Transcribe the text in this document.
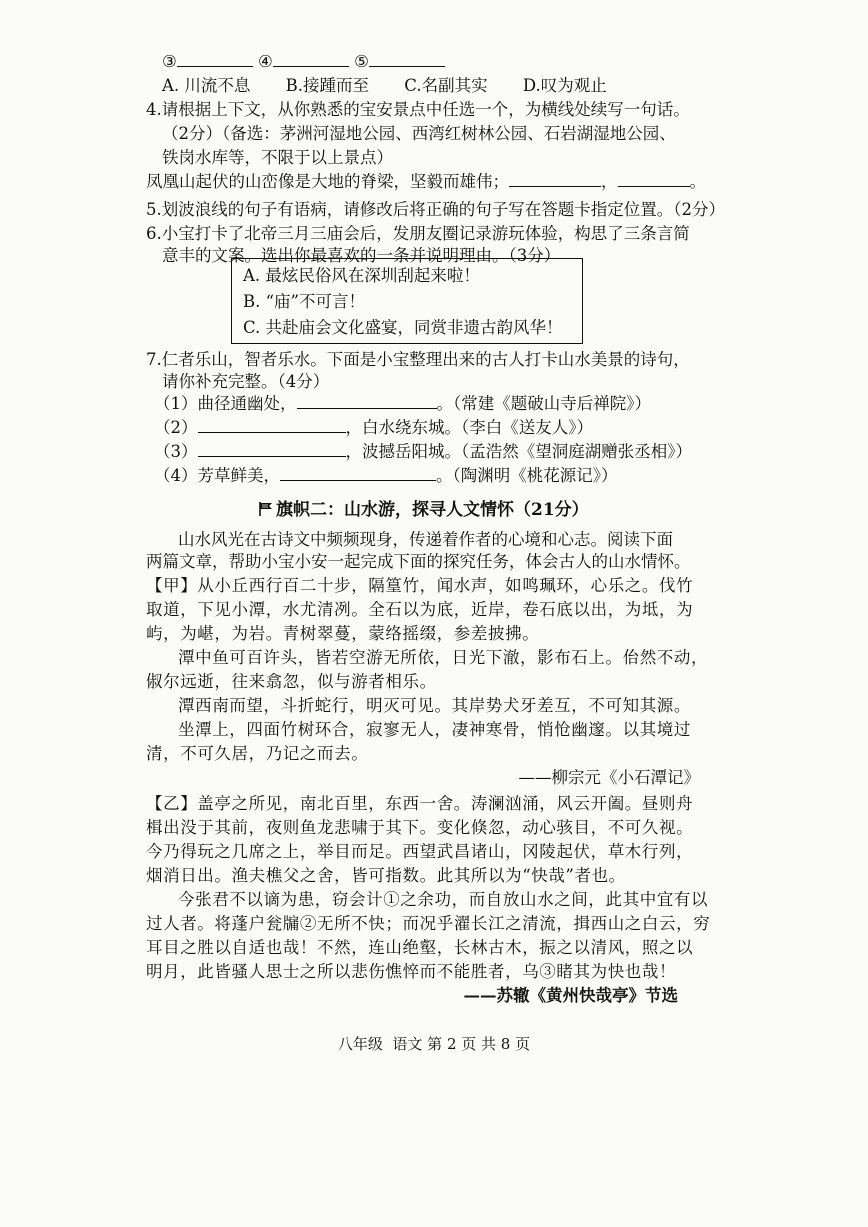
③	④	⑤
A. 川流不息 B.接踵而至 C.名副其实 D.叹为观止
4.请根据上下文，从你熟悉的宝安景点中任选一个，为横线处续写一句话。
（2分）（备选：茅洲河湿地公园、西湾红树林公园、石岩湖湿地公园、
铁岗水库等，不限于以上景点）
凤凰山起伏的山峦像是大地的脊梁，坚毅而雄伟；	，	。
5.划波浪线的句子有语病，请修改后将正确的句子写在答题卡指定位置。（2分）
6.小宝打卡了北帝三月三庙会后，发朋友圈记录游玩体验，构思了三条言简
意丰的文案。选出你最喜欢的一条并说明理由。（3分）
A. 最炫民俗风在深圳刮起来啦！
B. “庙”不可言！
C. 共赴庙会文化盛宴，同赏非遗古韵风华！
7.仁者乐山，智者乐水。下面是小宝整理出来的古人打卡山水美景的诗句，
请你补充完整。（4分）
（1）曲径通幽处，	。（常建《题破山寺后禅院》）
（2）	，白水绕东城。（李白《送友人》）
（3）	，波撼岳阳城。（孟浩然《望洞庭湖赠张丞相》）
（4）芳草鲜美，	。（陶渊明《桃花源记》）
旗帜二：山水游，探寻人文情怀（21分）
山水风光在古诗文中频频现身，传递着作者的心境和心志。阅读下面
两篇文章，帮助小宝小安一起完成下面的探究任务，体会古人的山水情怀。
【甲】从小丘西行百二十步，隔篁竹，闻水声，如鸣珮环，心乐之。伐竹
取道，下见小潭，水尤清冽。全石以为底，近岸，卷石底以出，为坻，为
屿，为嵁，为岩。青树翠蔓，蒙络摇缀，参差披拂。
潭中鱼可百许头，皆若空游无所依，日光下澈，影布石上。佁然不动，
俶尔远逝，往来翕忽，似与游者相乐。
潭西南而望，斗折蛇行，明灭可见。其岸势犬牙差互，不可知其源。
坐潭上，四面竹树环合，寂寥无人，凄神寒骨，悄怆幽邃。以其境过
清，不可久居，乃记之而去。
——柳宗元《小石潭记》
【乙】盖亭之所见，南北百里，东西一舍。涛澜汹涌，风云开阖。昼则舟
楫出没于其前，夜则鱼龙悲啸于其下。变化倏忽，动心骇目，不可久视。
今乃得玩之几席之上，举目而足。西望武昌诸山，冈陵起伏，草木行列，
烟消日出。渔夫樵父之舍，皆可指数。此其所以为“快哉”者也。
今张君不以谪为患，窃会计①之余功，而自放山水之间，此其中宜有以
过人者。将蓬户瓮牖②无所不快；而况乎濯长江之清流，揖西山之白云，穷
耳目之胜以自适也哉！不然，连山绝壑，长林古木，振之以清风，照之以
明月，此皆骚人思士之所以悲伤憔悴而不能胜者，乌③睹其为快也哉！
——苏辙《黄州快哉亭》节选
八年级  语文 第 2 页 共 8 页
